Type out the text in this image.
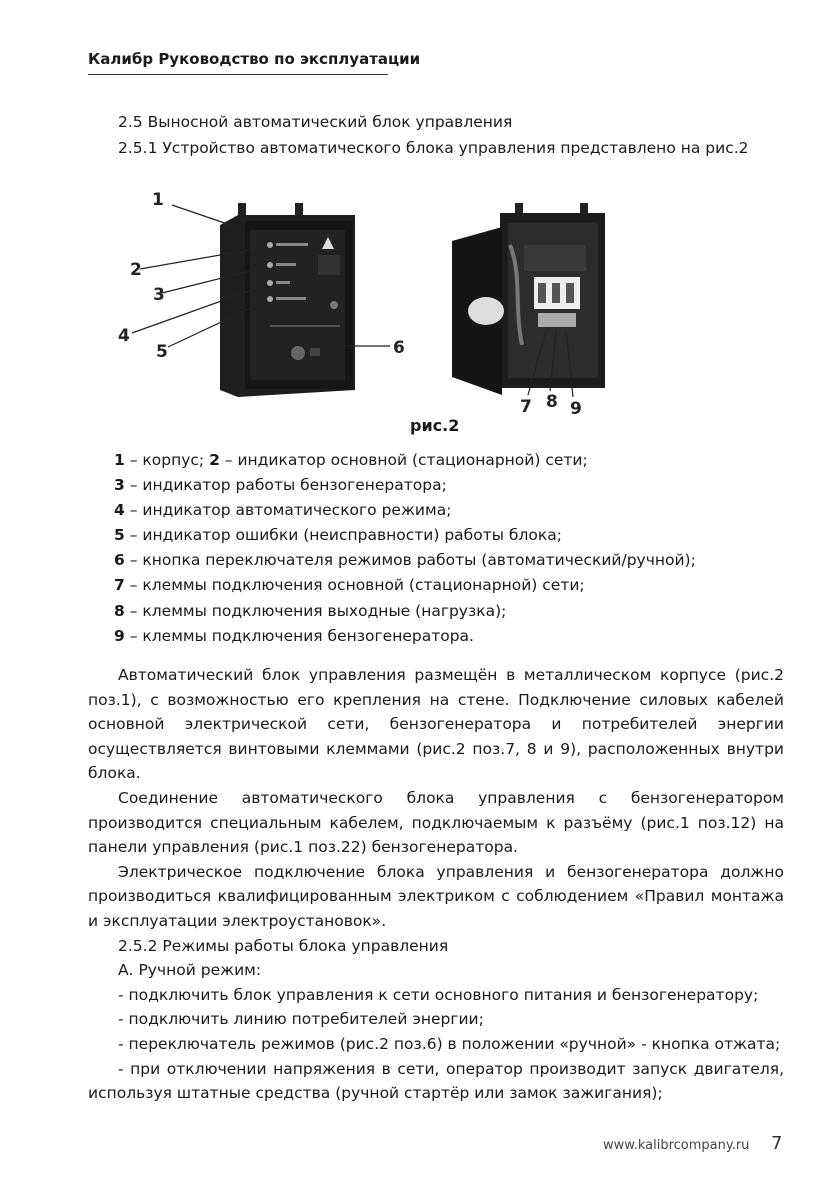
Калибр Руководство по эксплуатации
2.5 Выносной автоматический блок управления
2.5.1 Устройство автоматического блока управления представлено на рис.2
1
2
3
4
5	6
7 8 9
рис.2
1 – корпус; 2 – индикатор основной (стационарной) сети;
3 – индикатор работы бензогенератора;
4 – индикатор автоматического режима;
5 – индикатор ошибки (неисправности) работы блока;
6 – кнопка переключателя режимов работы (автоматический/ручной);
7 – клеммы подключения основной (стационарной) сети;
8 – клеммы подключения выходные (нагрузка);
9 – клеммы подключения бензогенератора.

Автоматический блок управления размещён в металлическом корпусе (рис.2 поз.1), с возможностью его крепления на стене. Подключение силовых кабелей основной электрической сети, бензогенератора и потребителей энергии осуществляется винтовыми клеммами (рис.2 поз.7, 8 и 9), расположенных внутри блока.

Соединение автоматического блока управления с бензогенератором производится специальным кабелем, подключаемым к разъёму (рис.1 поз.12) на панели управления (рис.1 поз.22) бензогенератора.

Электрическое подключение блока управления и бензогенератора должно производиться квалифицированным электриком с соблюдением «Правил монтажа и эксплуатации электроустановок».

2.5.2 Режимы работы блока управления

А. Ручной режим:

- подключить блок управления к сети основного питания и бензогенератору;

- подключить линию потребителей энергии;

- переключатель режимов (рис.2 поз.6) в положении «ручной» - кнопка отжата;

- при отключении напряжения в сети, оператор производит запуск двигателя, используя штатные средства (ручной стартёр или замок зажигания);

www.kalibrcompany.ru 7
